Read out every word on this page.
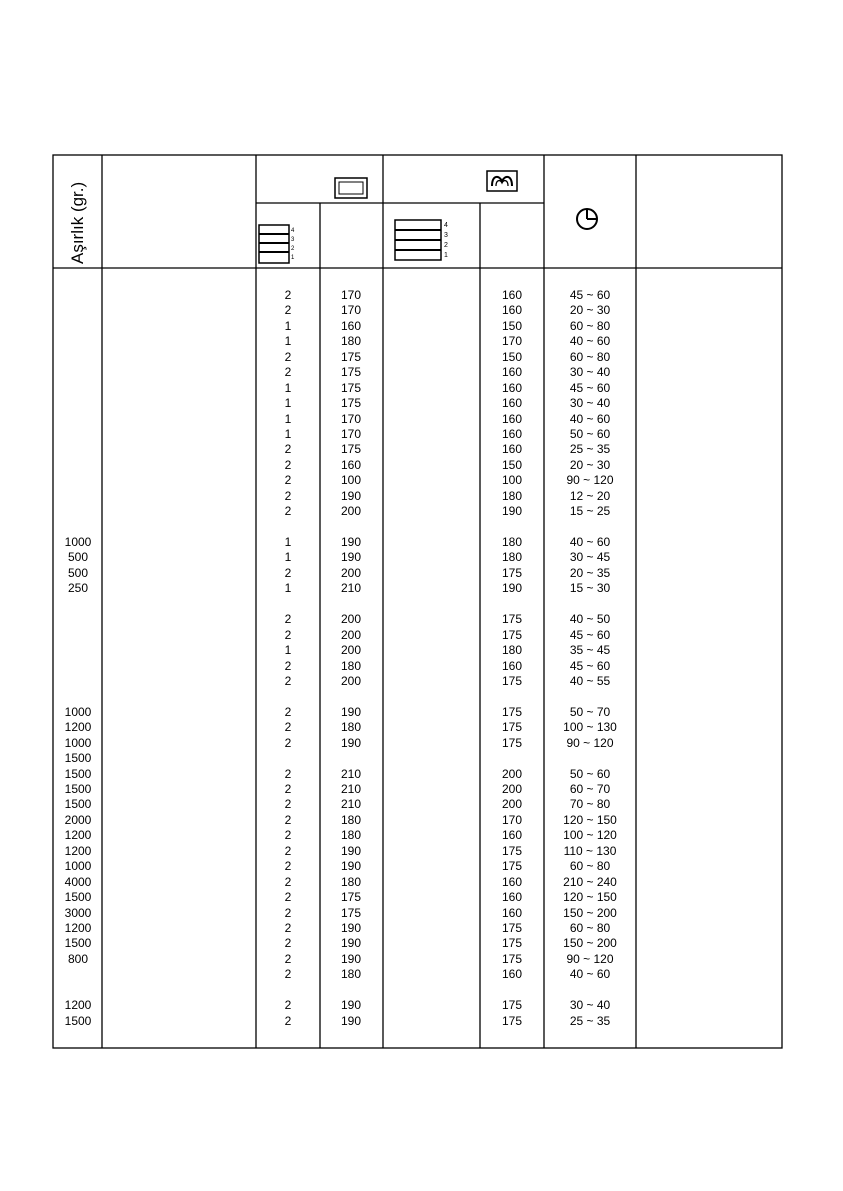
Aşırlık (gr.)	4
3
2
1
4
3
2
1
1000
500
500
250
1000
1200
1000
1500
1500
1500
1500
2000
1200
1200
1000
4000
1500
3000
1200
1500
800
1200
1500
2
2
1
1
2
2
1
1
1
1
2
2
2
2
2
1
1
2
1
2
2
1
2
2
2
2
2
2
2
2
2
2
2
2
2
2
2
2
2
2
2
2
2
170
170
160
180
175
175
175
175
170
170
175
160
100
190
200
190
190
200
210
200
200
200
180
200
190
180
190
210
210
210
180
180
190
190
180
175
175
190
190
190
180
190
190
160
160
150
170
150
160
160
160
160
160
160
150
100
180
190
180
180
175
190
175
175
180
160
175
175
175
175
200
200
200
170
160
175
175
160
160
160
175
175
175
160
175
175
45 ~ 60
20 ~ 30
60 ~ 80
40 ~ 60
60 ~ 80
30 ~ 40
45 ~ 60
30 ~ 40
40 ~ 60
50 ~ 60
25 ~ 35
20 ~ 30
90 ~ 120
12 ~ 20
15 ~ 25
40 ~ 60
30 ~ 45
20 ~ 35
15 ~ 30
40 ~ 50
45 ~ 60
35 ~ 45
45 ~ 60
40 ~ 55
50 ~ 70
100 ~ 130
90 ~ 120
50 ~ 60
60 ~ 70
70 ~ 80
120 ~ 150
100 ~ 120
110 ~ 130
60 ~ 80
210 ~ 240
120 ~ 150
150 ~ 200
60 ~ 80
150 ~ 200
90 ~ 120
40 ~ 60
30 ~ 40
25 ~ 35
